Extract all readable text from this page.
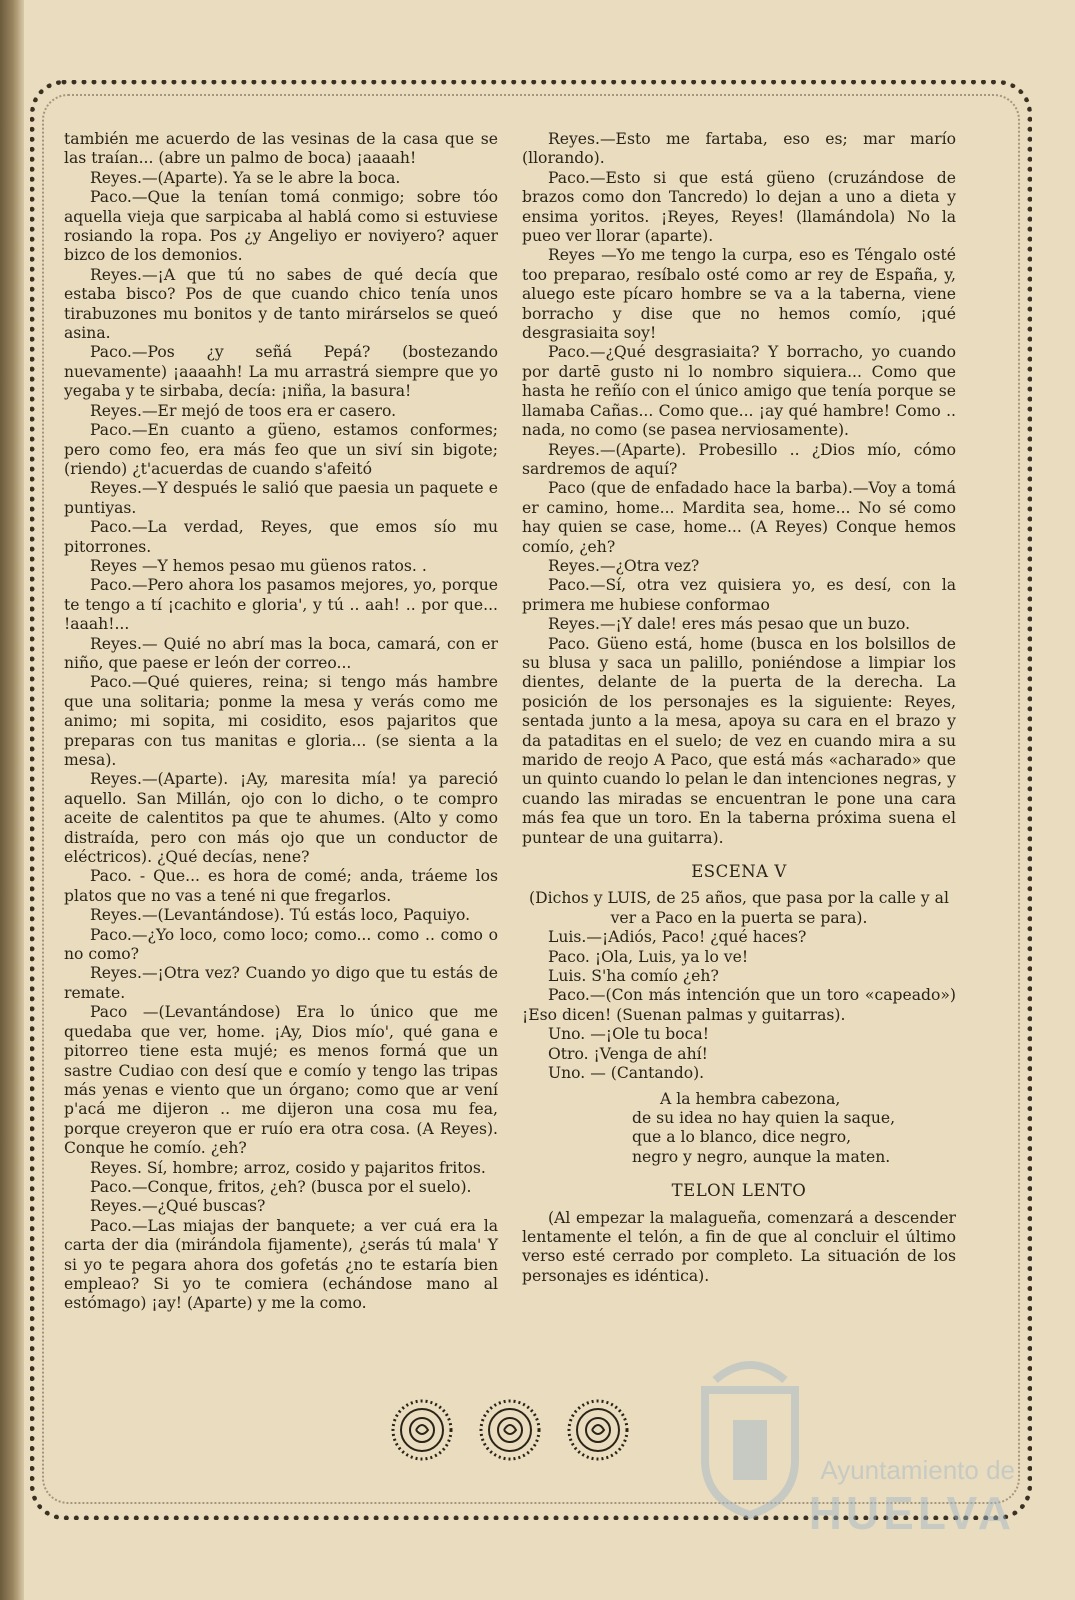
también me acuerdo de las vesinas de la casa que se las traían... (abre un palmo de boca) ¡aaaah!

Reyes.—(Aparte). Ya se le abre la boca.

Paco.—Que la tenían tomá conmigo; sobre tóo aquella vieja que sarpicaba al hablá como si estuviese rosiando la ropa. Pos ¿y Angeliyo er noviyero? aquer bizco de los demonios.

Reyes.—¡A que tú no sabes de qué decía que estaba bisco? Pos de que cuando chico tenía unos tirabuzones mu bonitos y de tanto mirárselos se queó asina.

Paco.—Pos ¿y señá Pepá? (bostezando nuevamente) ¡aaaahh! La mu arrastrá siempre que yo yegaba y te sirbaba, decía: ¡niña, la basura!

Reyes.—Er mejó de toos era er casero.

Paco.—En cuanto a güeno, estamos conformes; pero como feo, era más feo que un siví sin bigote; (riendo) ¿t'acuerdas de cuando s'afeitó

Reyes.—Y después le salió que paesia un paquete e puntiyas.

Paco.—La verdad, Reyes, que emos sío mu pitorrones.

Reyes —Y hemos pesao mu güenos ratos. .

Paco.—Pero ahora los pasamos mejores, yo, porque te tengo a tí ¡cachito e gloria', y tú .. aah! .. por que... !aaah!...

Reyes.— Quié no abrí mas la boca, camará, con er niño, que paese er león der correo...

Paco.—Qué quieres, reina; si tengo más hambre que una solitaria; ponme la mesa y verás como me animo; mi sopita, mi cosidito, esos pajaritos que preparas con tus manitas e gloria... (se sienta a la mesa).

Reyes.—(Aparte). ¡Ay, maresita mía! ya pareció aquello. San Millán, ojo con lo dicho, o te compro aceite de calentitos pa que te ahumes. (Alto y como distraída, pero con más ojo que un conductor de eléctricos). ¿Qué decías, nene?

Paco. - Que... es hora de comé; anda, tráeme los platos que no vas a tené ni que fregarlos.

Reyes.—(Levantándose). Tú estás loco, Paquiyo.

Paco.—¿Yo loco, como loco; como... como .. como o no como?

Reyes.—¡Otra vez? Cuando yo digo que tu estás de remate.

Paco —(Levantándose) Era lo único que me quedaba que ver, home. ¡Ay, Dios mío', qué gana e pitorreo tiene esta mujé; es menos formá que un sastre Cudiao con desí que e comío y tengo las tripas más yenas e viento que un órgano; como que ar vení p'acá me dijeron .. me dijeron una cosa mu fea, porque creyeron que er ruío era otra cosa. (A Reyes). Conque he comío. ¿eh?

Reyes. Sí, hombre; arroz, cosido y pajaritos fritos.

Paco.—Conque, fritos, ¿eh? (busca por el suelo).

Reyes.—¿Qué buscas?

Paco.—Las miajas der banquete; a ver cuá era la carta der dia (mirándola fijamente), ¿serás tú mala' Y si yo te pegara ahora dos gofetás ¿no te estaría bien empleao? Si yo te comiera (echándose mano al estómago) ¡ay! (Aparte) y me la como.

Reyes.—Esto me fartaba, eso es; mar marío (llorando).

Paco.—Esto si que está güeno (cruzándose de brazos como don Tancredo) lo dejan a uno a dieta y ensima yoritos. ¡Reyes, Reyes! (llamándola) No la pueo ver llorar (aparte).

Reyes —Yo me tengo la curpa, eso es Téngalo osté too preparao, resíbalo osté como ar rey de España, y, aluego este pícaro hombre se va a la taberna, viene borracho y dise que no hemos comío, ¡qué desgrasiaita soy!

Paco.—¿Qué desgrasiaita? Y borracho, yo cuando por dartē gusto ni lo nombro siquiera... Como que hasta he reñío con el único amigo que tenía porque se llamaba Cañas... Como que... ¡ay qué hambre! Como .. nada, no como (se pasea nerviosamente).

Reyes.—(Aparte). Probesillo .. ¿Dios mío, cómo sardremos de aquí?

Paco (que de enfadado hace la barba).—Voy a tomá er camino, home... Mardita sea, home... No sé como hay quien se case, home... (A Reyes) Conque hemos comío, ¿eh?

Reyes.—¿Otra vez?

Paco.—Sí, otra vez quisiera yo, es desí, con la primera me hubiese conformao

Reyes.—¡Y dale! eres más pesao que un buzo.

Paco. Güeno está, home (busca en los bolsillos de su blusa y saca un palillo, poniéndose a limpiar los dientes, delante de la puerta de la derecha. La posición de los personajes es la siguiente: Reyes, sentada junto a la mesa, apoya su cara en el brazo y da pataditas en el suelo; de vez en cuando mira a su marido de reojo A Paco, que está más «acharado» que un quinto cuando lo pelan le dan intenciones negras, y cuando las miradas se encuentran le pone una cara más fea que un toro. En la taberna próxima suena el puntear de una guitarra).

ESCENA V

(Dichos y LUIS, de 25 años, que pasa por la calle y al ver a Paco en la puerta se para).

Luis.—¡Adiós, Paco! ¿qué haces?

Paco. ¡Ola, Luis, ya lo ve!

Luis. S'ha comío ¿eh?

Paco.—(Con más intención que un toro «capeado») ¡Eso dicen! (Suenan palmas y guitarras).

Uno. —¡Ole tu boca!

Otro. ¡Venga de ahí!

Uno. — (Cantando).

A la hembra cabezona,
de su idea no hay quien la saque,
que a lo blanco, dice negro,
negro y negro, aunque la maten.

TELON LENTO

(Al empezar la malagueña, comenzará a descender lentamente el telón, a fin de que al concluir el último verso esté cerrado por completo. La situación de los personajes es idéntica).

Ayuntamiento de
HUELVA
